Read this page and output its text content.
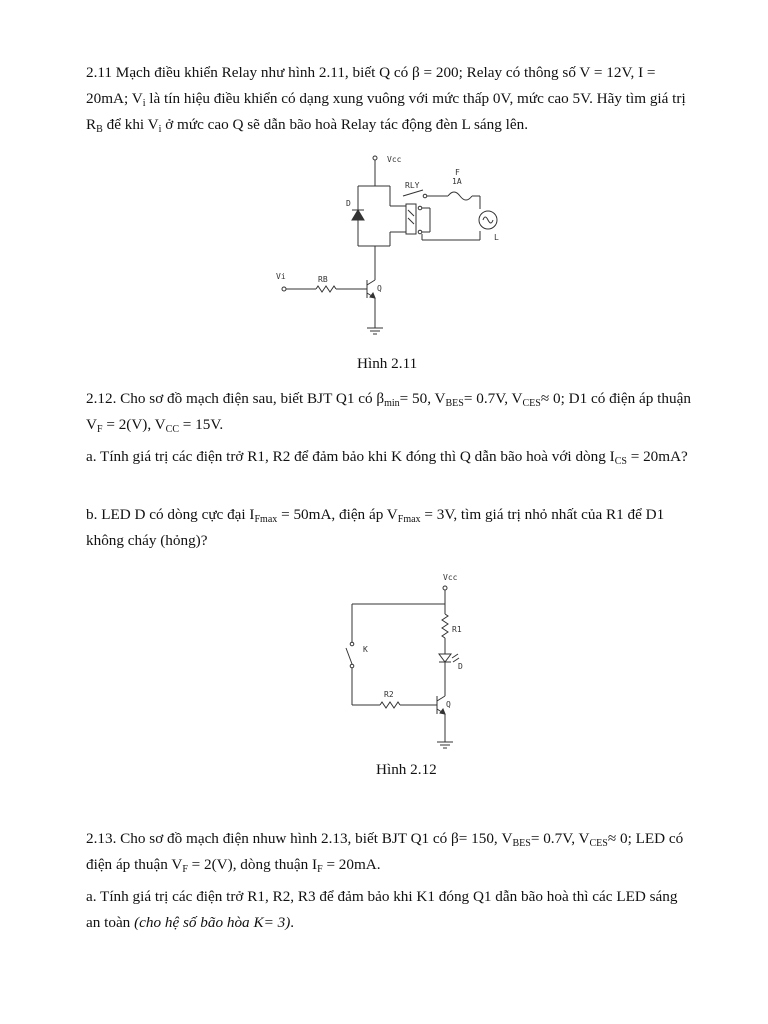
2.11 Mạch điều khiển Relay như hình 2.11, biết Q có β = 200; Relay có thông số V = 12V, I = 20mA; $V_i$ là tín hiệu điều khiển có dạng xung vuông với mức thấp 0V, mức cao 5V. Hãy tìm giá trị $R_B$ để khi $V_i$ ở mức cao Q sẽ dẫn bão hoà Relay tác động đèn L sáng lên.

Vcc
D
RLY
F
1A
L
Vi	RB
Q

Hình 2.11

2.12. Cho sơ đồ mạch điện sau, biết BJT Q1 có $\beta_{min}= 50$, $V_{BES}= 0.7V$, $V_{CES}\approx 0$; D1 có điện áp thuận $V_F = 2(V)$, $V_{CC} = 15V$.

a. Tính giá trị các điện trở R1, R2 để đảm bảo khi K đóng thì Q dẫn bão hoà với dòng $I_{CS} = 20mA$?

b. LED D có dòng cực đại $I_{Fmax} = 50mA$, điện áp $V_{Fmax} = 3V$, tìm giá trị nhỏ nhất của R1 để D1 không cháy (hỏng)?

Vcc
K
R2
R1
D
Q

Hình 2.12

2.13. Cho sơ đồ mạch điện nhuw hình 2.13, biết BJT Q1 có β= 150, $V_{BES}= 0.7V$, $V_{CES}\approx 0$; LED có điện áp thuận $V_F = 2(V)$, dòng thuận $I_F = 20mA$.

a. Tính giá trị các điện trở R1, R2, R3 để đảm bảo khi K1 đóng Q1 dẫn bão hoà thì các LED sáng an toàn (cho hệ số bão hòa K= 3).
